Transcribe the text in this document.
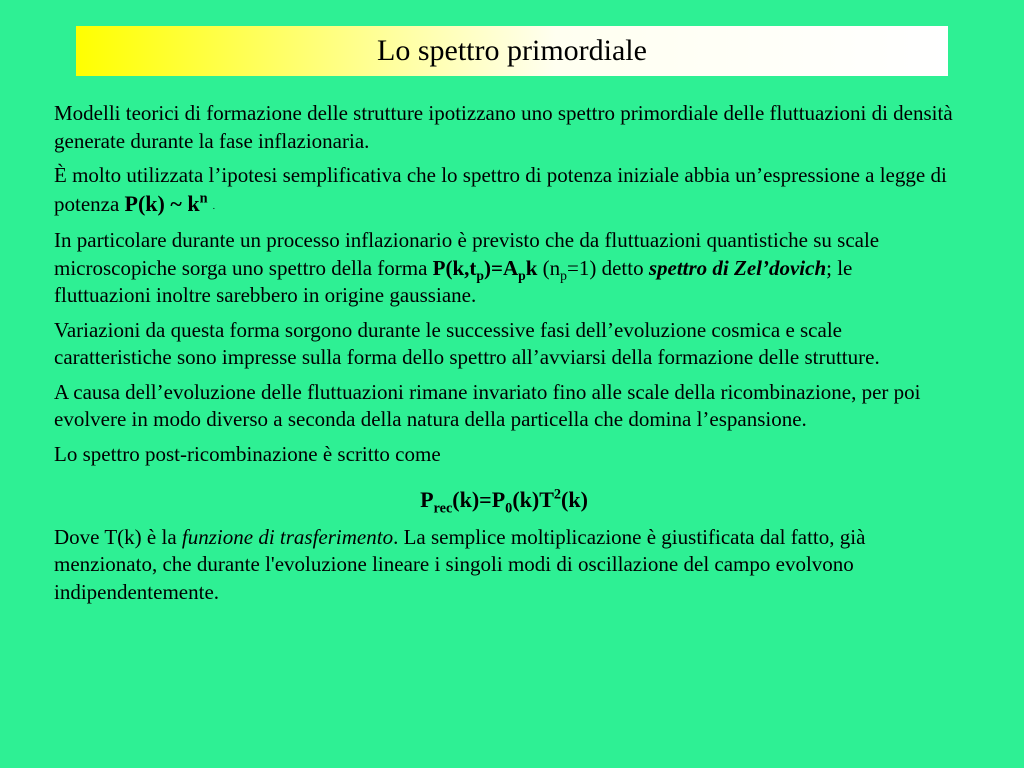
Lo spettro primordiale

Modelli teorici di formazione delle strutture ipotizzano uno spettro primordiale delle fluttuazioni di densità generate durante la fase inflazionaria.

È molto utilizzata l’ipotesi semplificativa che lo spettro di potenza iniziale abbia un’espressione a legge di potenza P(k) ~ $k^n$ .

In particolare durante un processo inflazionario è previsto che da fluttuazioni quantistiche su scale microscopiche sorga uno spettro della forma $P(k,t_p)=A_pk$ $(n_p=1)$ detto spettro di Zel’dovich; le fluttuazioni inoltre sarebbero in origine gaussiane.

Variazioni da questa forma sorgono durante le successive fasi dell’evoluzione cosmica e scale caratteristiche sono impresse sulla forma dello spettro all’avviarsi della formazione delle strutture.

A causa dell’evoluzione delle fluttuazioni rimane invariato fino alle scale della ricombinazione, per poi evolvere in modo diverso a seconda della natura della particella che domina l’espansione.

Lo spettro post-ricombinazione è scritto come

$P_{rec}(k)=P_0(k)T^2(k)$

Dove T(k) è la funzione di trasferimento. La semplice moltiplicazione è giustificata dal fatto, già menzionato, che durante l'evoluzione lineare i singoli modi di oscillazione del campo evolvono indipendentemente.
